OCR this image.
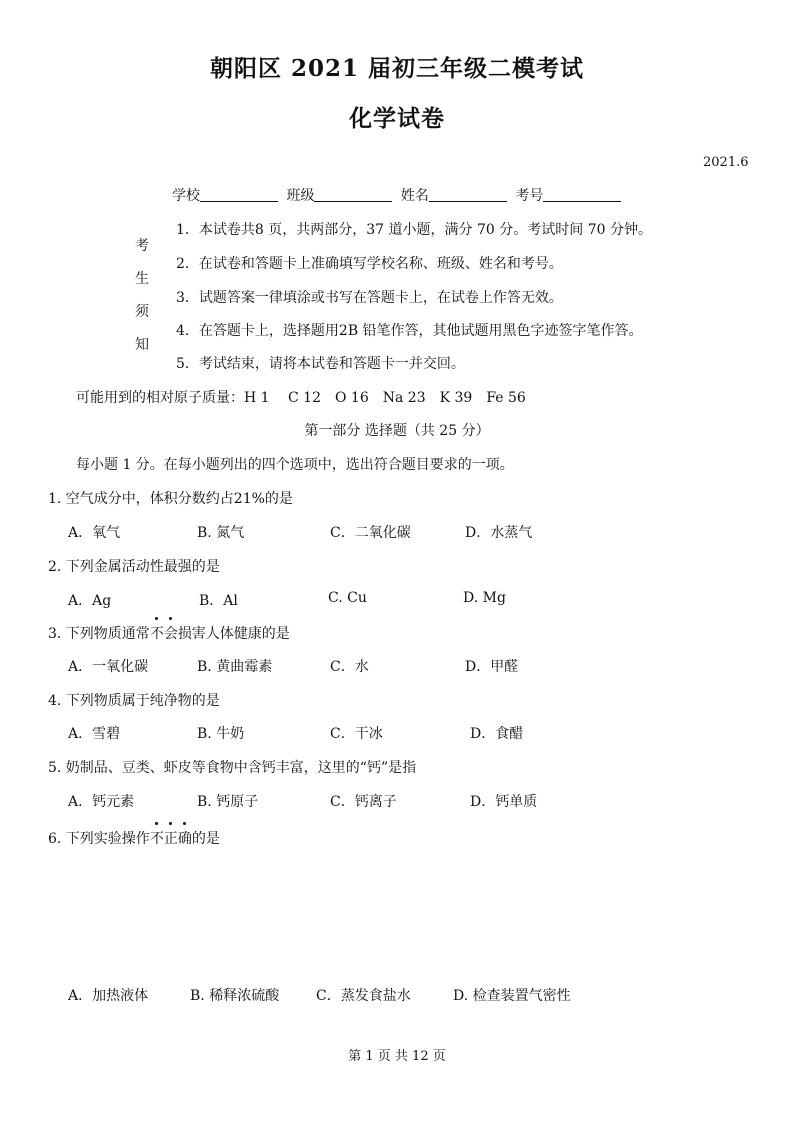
朝阳区 2021 届初三年级二模考试
化学试卷
2021.6
学校	班级	姓名	考号
考
生
须
知
1．本试卷共8 页，共两部分，37 道小题，满分 70 分。考试时间 70 分钟。
2．在试卷和答题卡上准确填写学校名称、班级、姓名和考号。
3．试题答案一律填涂或书写在答题卡上，在试卷上作答无效。
4．在答题卡上，选择题用2B 铅笔作答，其他试题用黑色字迹签字笔作答。
5．考试结束，请将本试卷和答题卡一并交回。
可能用到的相对原子质量：H 1　 C 12　O 16　Na 23　K 39　Fe 56
第一部分 选择题（共 25 分）
每小题 1 分。在每小题列出的四个选项中，选出符合题目要求的一项。
1. 空气成分中，体积分数约占21%的是
A．氧气	B. 氮气	C．二氧化碳	D．水蒸气
2. 下列金属活动性最强的是
A．Ag	B．Al	C. Cu	D. Mg
3. 下列物质通常不
会
损害人体健康的是
A．一氧化碳	B. 黄曲霉素	C．水	D．甲醛
4. 下列物质属于纯净物的是
A．雪碧	B. 牛奶	C．干冰	D．食醋
5. 奶制品、豆类、虾皮等食物中含钙丰富，这里的“钙”是指
A．钙元素	B. 钙原子	C．钙离子	D．钙单质
6. 下列实验操作不
正
确
的是
A．加热液体	B. 稀释浓硫酸	C．蒸发食盐水	D. 检查装置气密性
第 1 页 共 12 页
